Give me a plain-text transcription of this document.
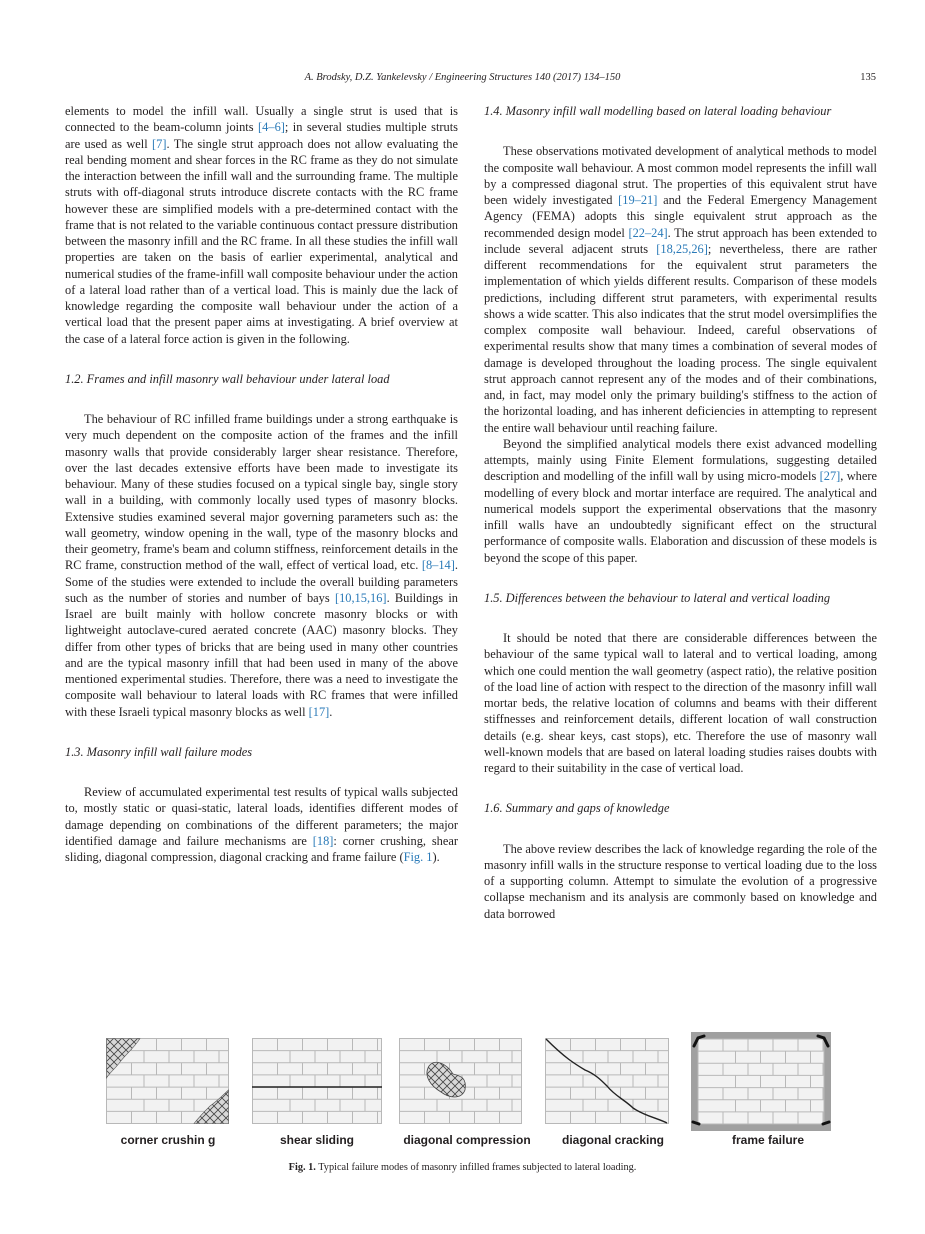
A. Brodsky, D.Z. Yankelevsky / Engineering Structures 140 (2017) 134–150	135

elements to model the infill wall. Usually a single strut is used that is connected to the beam-column joints [4–6]; in several studies multiple struts are used as well [7]. The single strut approach does not allow evaluating the real bending moment and shear forces in the RC frame as they do not simulate the interaction between the infill wall and the surrounding frame. The multiple struts with off-diagonal struts introduce discrete contacts with the RC frame however these are simplified models with a pre-determined contact with the frame that is not related to the variable continuous contact pressure distribution between the masonry infill and the RC frame. In all these studies the infill wall properties are taken on the basis of earlier experimental, analytical and numerical studies of the frame-infill wall composite behaviour under the action of a lateral load rather than of a vertical load. This is mainly due the lack of knowledge regarding the composite wall behaviour under the action of a vertical load that the present paper aims at investigating. A brief overview at the case of a lateral force action is given in the following.

1.2. Frames and infill masonry wall behaviour under lateral load

The behaviour of RC infilled frame buildings under a strong earthquake is very much dependent on the composite action of the frames and the infill masonry walls that provide considerably larger shear resistance. Therefore, over the last decades extensive efforts have been made to investigate its behaviour. Many of these studies focused on a typical single bay, single story wall in a building, with commonly locally used types of masonry blocks. Extensive studies examined several major governing parameters such as: the wall geometry, window opening in the wall, type of the masonry blocks and their geometry, frame's beam and column stiffness, reinforcement details in the RC frame, construction method of the wall, effect of vertical load, etc. [8–14]. Some of the studies were extended to include the overall building parameters such as the number of stories and number of bays [10,15,16]. Buildings in Israel are built mainly with hollow concrete masonry blocks or with lightweight autoclave-cured aerated concrete (AAC) masonry blocks. They differ from other types of bricks that are being used in many other countries and are the typical masonry infill that had been used in many of the above mentioned experimental studies. Therefore, there was a need to investigate the composite wall behaviour to lateral loads with RC frames that were infilled with these Israeli typical masonry blocks as well [17].

1.3. Masonry infill wall failure modes

Review of accumulated experimental test results of typical walls subjected to, mostly static or quasi-static, lateral loads, identifies different modes of damage depending on combinations of the different parameters; the major identified damage and failure mechanisms are [18]: corner crushing, shear sliding, diagonal compression, diagonal cracking and frame failure (Fig. 1).

1.4. Masonry infill wall modelling based on lateral loading behaviour

These observations motivated development of analytical methods to model the composite wall behaviour. A most common model represents the infill wall by a compressed diagonal strut. The properties of this equivalent strut have been widely investigated [19–21] and the Federal Emergency Management Agency (FEMA) adopts this single equivalent strut approach as the recommended design model [22–24]. The strut approach has been extended to include several adjacent struts [18,25,26]; nevertheless, there are rather different recommendations for the equivalent strut parameters the implementation of which yields different results. Comparison of these models predictions, including different strut parameters, with experimental results shows a wide scatter. This also indicates that the strut model oversimplifies the complex composite wall behaviour. Indeed, careful observations of experimental results show that many times a combination of several modes of damage is developed throughout the loading process. The single equivalent strut approach cannot represent any of the modes and of their combinations, and, in fact, may model only the primary building's stiffness to the action of the horizontal loading, and has inherent deficiencies in attempting to represent the entire wall behaviour until reaching failure.

Beyond the simplified analytical models there exist advanced modelling attempts, mainly using Finite Element formulations, suggesting detailed description and modelling of the infill wall by using micro-models [27], where modelling of every block and mortar interface are required. The analytical and numerical models support the experimental observations that the masonry infill walls have an undoubtedly significant effect on the structural performance of composite walls. Elaboration and discussion of these models is beyond the scope of this paper.

1.5. Differences between the behaviour to lateral and vertical loading

It should be noted that there are considerable differences between the behaviour of the same typical wall to lateral and to vertical loading, among which one could mention the wall geometry (aspect ratio), the relative position of the load line of action with respect to the direction of the masonry infill wall mortar beds, the relative location of columns and beams with their different stiffnesses and reinforcement details, different location of wall construction details (e.g. shear keys, cast stops), etc. Therefore the use of masonry wall well-known models that are based on lateral loading studies raises doubts with regard to their suitability in the case of vertical load.

1.6. Summary and gaps of knowledge

The above review describes the lack of knowledge regarding the role of the masonry infill walls in the structure response to vertical loading due to the loss of a supporting column. Attempt to simulate the evolution of a progressive collapse mechanism and its analysis are commonly based on knowledge and data borrowed

corner crushin g	shear sliding	diagonal compression	diagonal cracking	frame failure
Fig. 1. Typical failure modes of masonry infilled frames subjected to lateral loading.
